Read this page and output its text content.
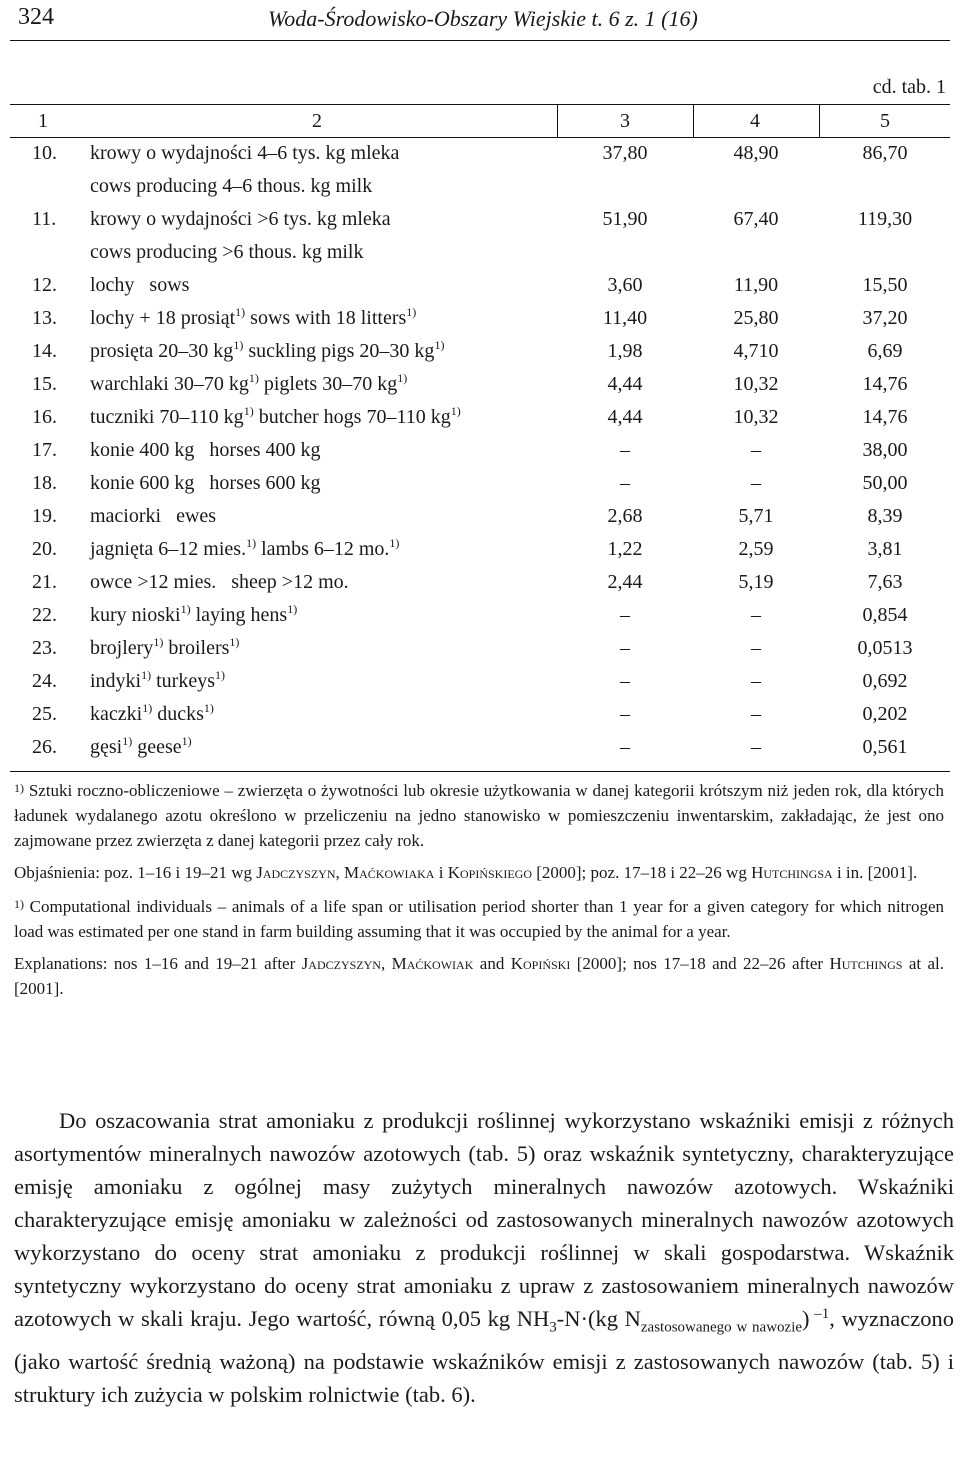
324	Woda-Środowisko-Obszary Wiejskie t. 6 z. 1 (16)
cd. tab. 1
1	2	3	4	5
10. krowy o wydajności 4–6 tys. kg mleka	37,80	48,90	86,70
cows producing 4–6 thous. kg milk
11. krowy o wydajności >6 tys. kg mleka	51,90	67,40	119,30
cows producing >6 thous. kg milk
12. lochy   sows	3,60	11,90	15,50
13. lochy + 18 prosiąt$^{1)}$ sows with 18 litters$^{1)}$	11,40	25,80	37,20
14. prosięta 20–30 $kg^{1)}$ suckling pigs 20–30 $kg^{1)}$	1,98	4,710	6,69
15. warchlaki 30–70 $kg^{1)}$ piglets 30–70 $kg^{1)}$	4,44	10,32	14,76
16. tuczniki 70–110 $kg^{1)}$ butcher hogs 70–110 $kg^{1)}$	4,44	10,32	14,76
17. konie 400 kg   horses 400 kg	–	–	38,00
18. konie 600 kg   horses 600 kg	–	–	50,00
19. maciorki   ewes	2,68	5,71	8,39
20. jagnięta 6–12 mies.$^{1)}$ lambs 6–12 mo.$^{1)}$	1,22	2,59	3,81
21. owce >12 mies.   sheep >12 mo.	2,44	5,19	7,63
22. kury nioski$^{1)}$ laying hens$^{1)}$	–	–	0,854
23. brojlery$^{1)}$ broilers$^{1)}$	–	–	0,0513
24. indyki$^{1)}$ turkeys$^{1)}$	–	–	0,692
25. kaczki$^{1)}$ ducks$^{1)}$	–	–	0,202
26. gęsi$^{1)}$ geese$^{1)}$	–	–	0,561

$^{1)}$ Sztuki roczno-obliczeniowe – zwierzęta o żywotności lub okresie użytkowania w danej kategorii krótszym niż jeden rok, dla których ładunek wydalanego azotu określono w przeliczeniu na jedno stanowisko w pomieszczeniu inwentarskim, zakładając, że jest ono zajmowane przez zwierzęta z danej kategorii przez cały rok.

Objaśnienia: poz. 1–16 i 19–21 wg Jadczyszyn, Maćkowiaka i Kopińskiego [2000]; poz. 17–18 i 22–26 wg Hutchingsa i in. [2001].

$^{1)}$ Computational individuals – animals of a life span or utilisation period shorter than 1 year for a given category for which nitrogen load was estimated per one stand in farm building assuming that it was occupied by the animal for a year.

Explanations: nos 1–16 and 19–21 after Jadczyszyn, Maćkowiak and Kopiński [2000]; nos 17–18 and 22–26 after Hutchings at al. [2001].

Do oszacowania strat amoniaku z produkcji roślinnej wykorzystano wskaźniki emisji z różnych asortymentów mineralnych nawozów azotowych (tab. 5) oraz wskaźnik syntetyczny, charakteryzujące emisję amoniaku z ogólnej masy zużytych mineralnych nawozów azotowych. Wskaźniki charakteryzujące emisję amoniaku w zależności od zastosowanych mineralnych nawozów azotowych wykorzystano do oceny strat amoniaku z produkcji roślinnej w skali gospodarstwa. Wskaźnik syntetyczny wykorzystano do oceny strat amoniaku z upraw z zastosowaniem mineralnych nawozów azotowych w skali kraju. Jego wartość, równą 0,05 kg $NH_3-N\cdot(kg$ $N_{zastosowanego w nawozie}$) $^{-1}$, wyznaczono (jako wartość średnią ważoną) na podstawie wskaźników emisji z zastosowanych nawozów (tab. 5) i struktury ich zużycia w polskim rolnictwie (tab. 6).
